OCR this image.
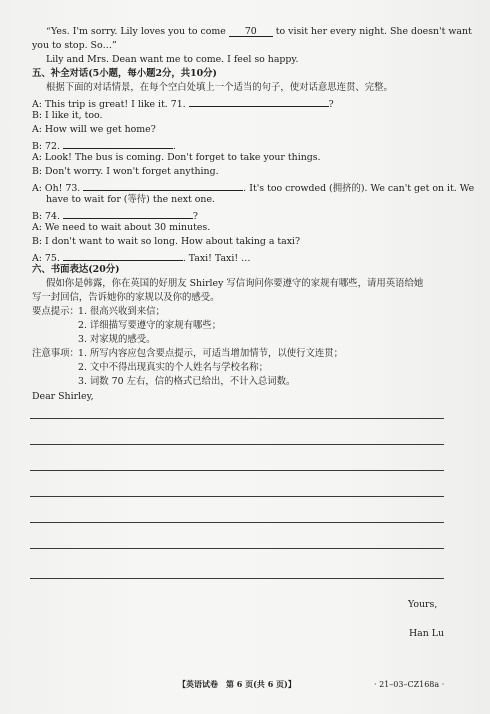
“Yes. I'm sorry. Lily loves you to come 70 to visit her every night. She doesn't want
you to stop. So…”
Lily and Mrs. Dean want me to come. I feel so happy.
五、补全对话(5小题，每小题2分，共10分)
根据下面的对话情景，在每个空白处填上一个适当的句子，使对话意思连贯、完整。
A: This trip is great! I like it. 71.	?
B: I like it, too.
A: How will we get home?
B: 72.	.
A: Look! The bus is coming. Don't forget to take your things.
B: Don't worry. I won't forget anything.
A: Oh! 73.	. It's too crowded (拥挤的). We can't get on it. We
have to wait for (等待) the next one.
B: 74.	?
A: We need to wait about 30 minutes.
B: I don't want to wait so long. How about taking a taxi?
A: 75.	. Taxi! Taxi! …
六、书面表达(20分)
假如你是韩露，你在英国的好朋友 Shirley 写信询问你要遵守的家规有哪些，请用英语给她
写一封回信，告诉她你的家规以及你的感受。
要点提示： 1. 很高兴收到来信；
2. 详细描写要遵守的家规有哪些；
3. 对家规的感受。
注意事项： 1. 所写内容应包含要点提示，可适当增加情节，以使行文连贯；
2. 文中不得出现真实的个人姓名与学校名称；
3. 词数 70 左右，信的格式已给出，不计入总词数。
Dear Shirley,
Yours,
Han Lu
【英语试卷　第 6 页(共 6 页)】	· 21–03–CZ168a ·
